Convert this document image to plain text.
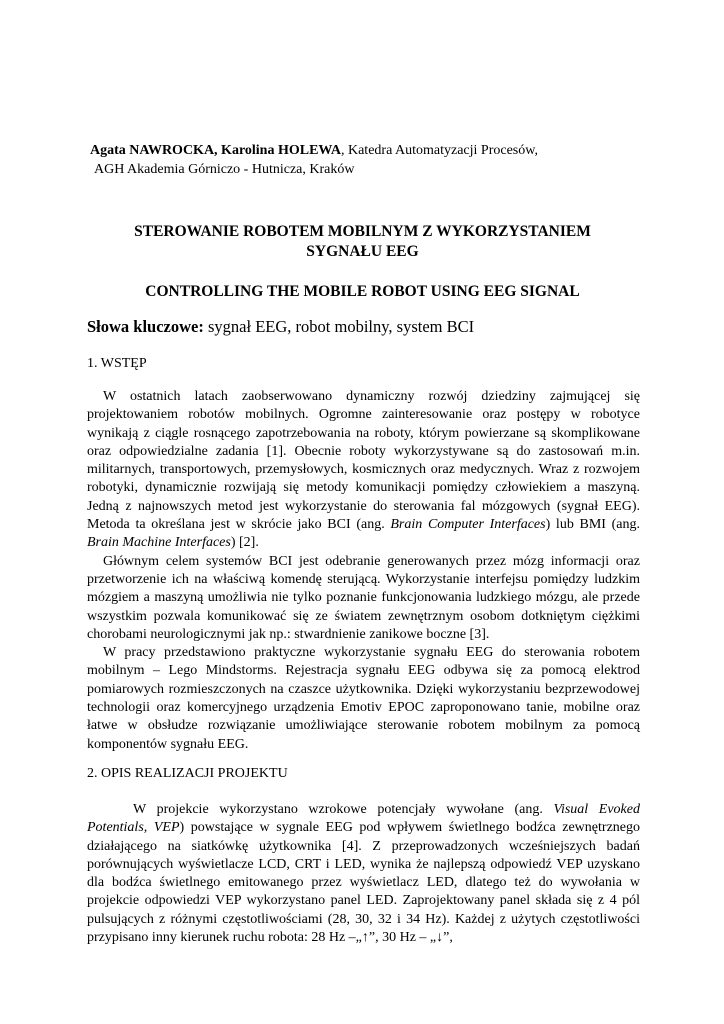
Agata NAWROCKA, Karolina HOLEWA, Katedra Automatyzacji Procesów,
AGH Akademia Górniczo - Hutnicza, Kraków
STEROWANIE ROBOTEM MOBILNYM Z WYKORZYSTANIEM
SYGNAŁU EEG
CONTROLLING THE MOBILE ROBOT USING EEG SIGNAL
Słowa kluczowe: sygnał EEG, robot mobilny, system BCI
1. WSTĘP

W ostatnich latach zaobserwowano dynamiczny rozwój dziedziny zajmującej się projektowaniem robotów mobilnych. Ogromne zainteresowanie oraz postępy w robotyce wynikają z ciągle rosnącego zapotrzebowania na roboty, którym powierzane są skomplikowane oraz odpowiedzialne zadania [1]. Obecnie roboty wykorzystywane są do zastosowań m.in. militarnych, transportowych, przemysłowych, kosmicznych oraz medycznych. Wraz z rozwojem robotyki, dynamicznie rozwijają się metody komunikacji pomiędzy człowiekiem a maszyną. Jedną z najnowszych metod jest wykorzystanie do sterowania fal mózgowych (sygnał EEG). Metoda ta określana jest w skrócie jako BCI (ang. Brain Computer Interfaces) lub BMI (ang. Brain Machine Interfaces) [2].

Głównym celem systemów BCI jest odebranie generowanych przez mózg informacji oraz przetworzenie ich na właściwą komendę sterującą. Wykorzystanie interfejsu pomiędzy ludzkim mózgiem a maszyną umożliwia nie tylko poznanie funkcjonowania ludzkiego mózgu, ale przede wszystkim pozwala komunikować się ze światem zewnętrznym osobom dotkniętym ciężkimi chorobami neurologicznymi jak np.: stwardnienie zanikowe boczne [3].

W pracy przedstawiono praktyczne wykorzystanie sygnału EEG do sterowania robotem mobilnym – Lego Mindstorms. Rejestracja sygnału EEG odbywa się za pomocą elektrod pomiarowych rozmieszczonych na czaszce użytkownika. Dzięki wykorzystaniu bezprzewodowej technologii oraz komercyjnego urządzenia Emotiv EPOC zaproponowano tanie, mobilne oraz łatwe w obsłudze rozwiązanie umożliwiające sterowanie robotem mobilnym za pomocą komponentów sygnału EEG.

2. OPIS REALIZACJI PROJEKTU

W projekcie wykorzystano wzrokowe potencjały wywołane (ang. Visual Evoked Potentials, VEP) powstające w sygnale EEG pod wpływem świetlnego bodźca zewnętrznego działającego na siatkówkę użytkownika [4]. Z przeprowadzonych wcześniejszych badań porównujących wyświetlacze LCD, CRT i LED, wynika że najlepszą odpowiedź VEP uzyskano dla bodźca świetlnego emitowanego przez wyświetlacz LED, dlatego też do wywołania w projekcie odpowiedzi VEP wykorzystano panel LED. Zaprojektowany panel składa się z 4 pól pulsujących z różnymi częstotliwościami (28, 30, 32 i 34 Hz). Każdej z użytych częstotliwości przypisano inny kierunek ruchu robota: 28 Hz –„↑”, 30 Hz – „↓”,
